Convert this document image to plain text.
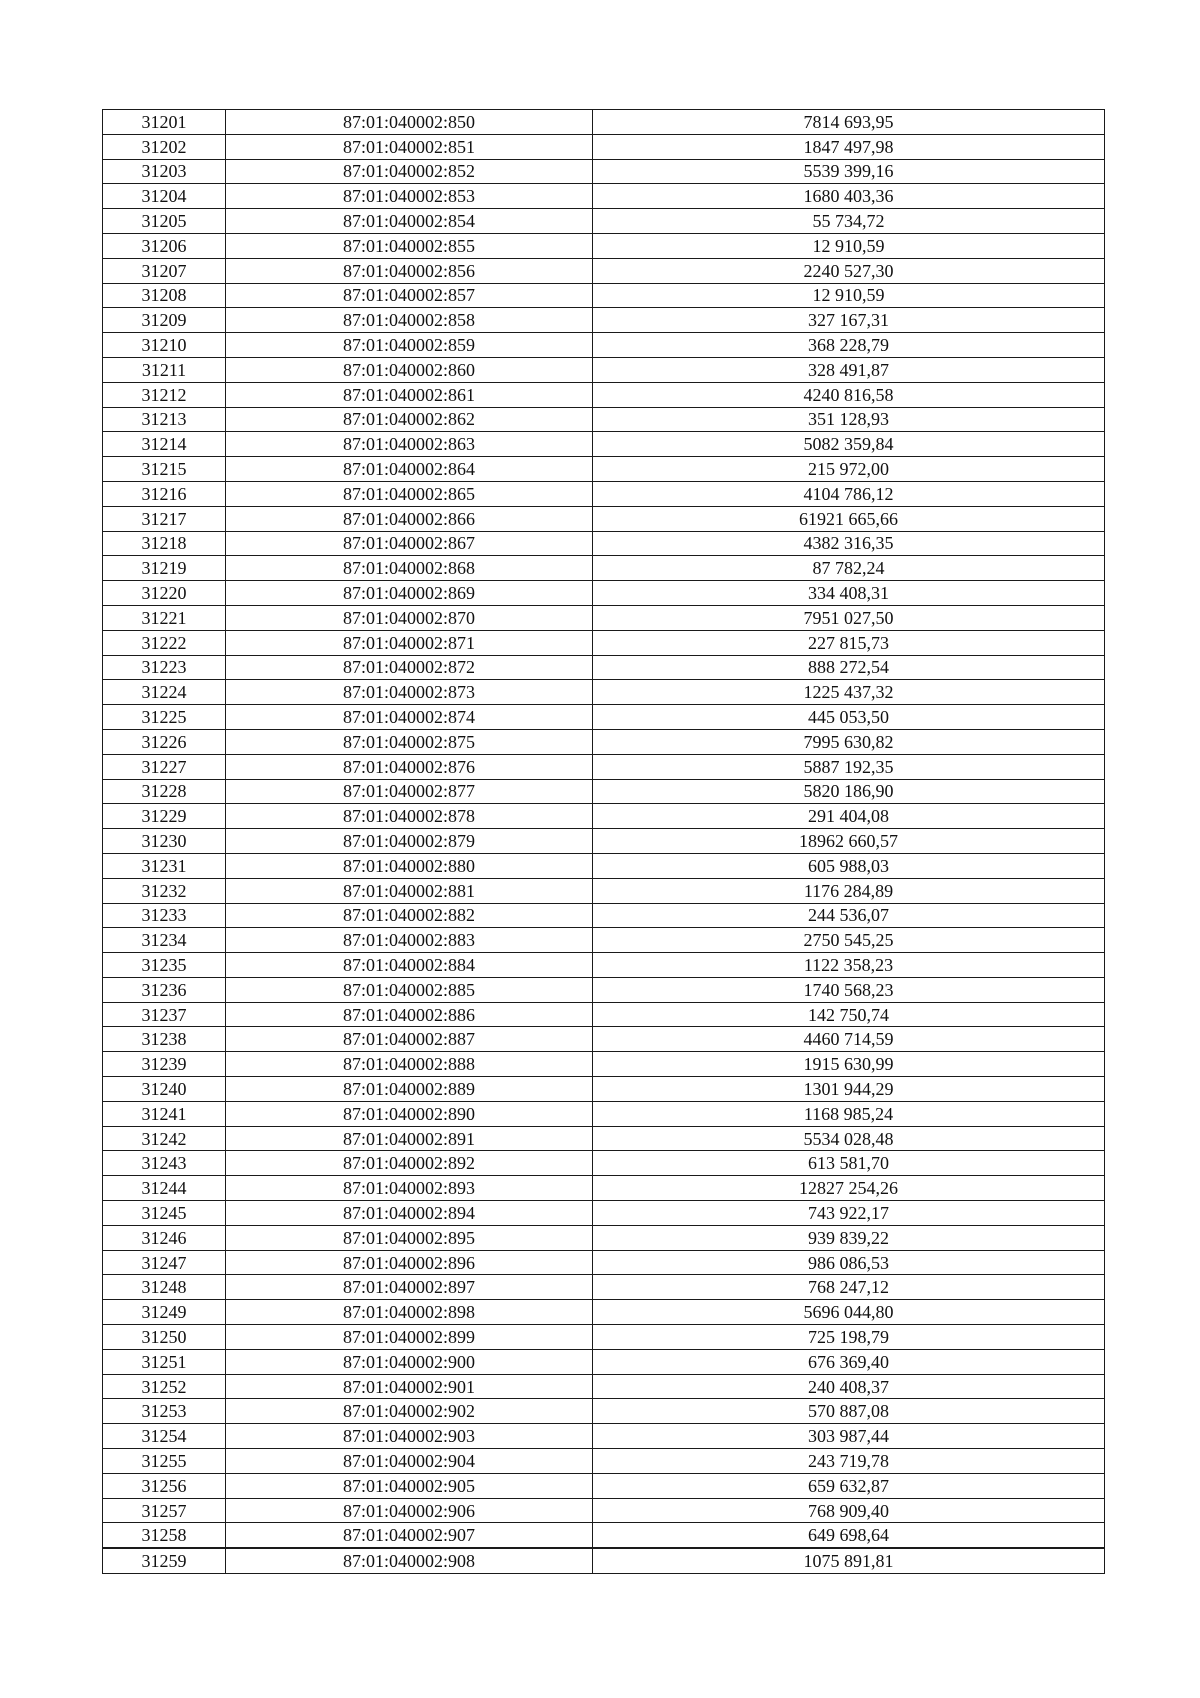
31201	87:01:040002:850	7814 693,95
31202	87:01:040002:851	1847 497,98
31203	87:01:040002:852	5539 399,16
31204	87:01:040002:853	1680 403,36
31205	87:01:040002:854	55 734,72
31206	87:01:040002:855	12 910,59
31207	87:01:040002:856	2240 527,30
31208	87:01:040002:857	12 910,59
31209	87:01:040002:858	327 167,31
31210	87:01:040002:859	368 228,79
31211	87:01:040002:860	328 491,87
31212	87:01:040002:861	4240 816,58
31213	87:01:040002:862	351 128,93
31214	87:01:040002:863	5082 359,84
31215	87:01:040002:864	215 972,00
31216	87:01:040002:865	4104 786,12
31217	87:01:040002:866	61921 665,66
31218	87:01:040002:867	4382 316,35
31219	87:01:040002:868	87 782,24
31220	87:01:040002:869	334 408,31
31221	87:01:040002:870	7951 027,50
31222	87:01:040002:871	227 815,73
31223	87:01:040002:872	888 272,54
31224	87:01:040002:873	1225 437,32
31225	87:01:040002:874	445 053,50
31226	87:01:040002:875	7995 630,82
31227	87:01:040002:876	5887 192,35
31228	87:01:040002:877	5820 186,90
31229	87:01:040002:878	291 404,08
31230	87:01:040002:879	18962 660,57
31231	87:01:040002:880	605 988,03
31232	87:01:040002:881	1176 284,89
31233	87:01:040002:882	244 536,07
31234	87:01:040002:883	2750 545,25
31235	87:01:040002:884	1122 358,23
31236	87:01:040002:885	1740 568,23
31237	87:01:040002:886	142 750,74
31238	87:01:040002:887	4460 714,59
31239	87:01:040002:888	1915 630,99
31240	87:01:040002:889	1301 944,29
31241	87:01:040002:890	1168 985,24
31242	87:01:040002:891	5534 028,48
31243	87:01:040002:892	613 581,70
31244	87:01:040002:893	12827 254,26
31245	87:01:040002:894	743 922,17
31246	87:01:040002:895	939 839,22
31247	87:01:040002:896	986 086,53
31248	87:01:040002:897	768 247,12
31249	87:01:040002:898	5696 044,80
31250	87:01:040002:899	725 198,79
31251	87:01:040002:900	676 369,40
31252	87:01:040002:901	240 408,37
31253	87:01:040002:902	570 887,08
31254	87:01:040002:903	303 987,44
31255	87:01:040002:904	243 719,78
31256	87:01:040002:905	659 632,87
31257	87:01:040002:906	768 909,40
31258	87:01:040002:907	649 698,64
31259	87:01:040002:908	1075 891,81
